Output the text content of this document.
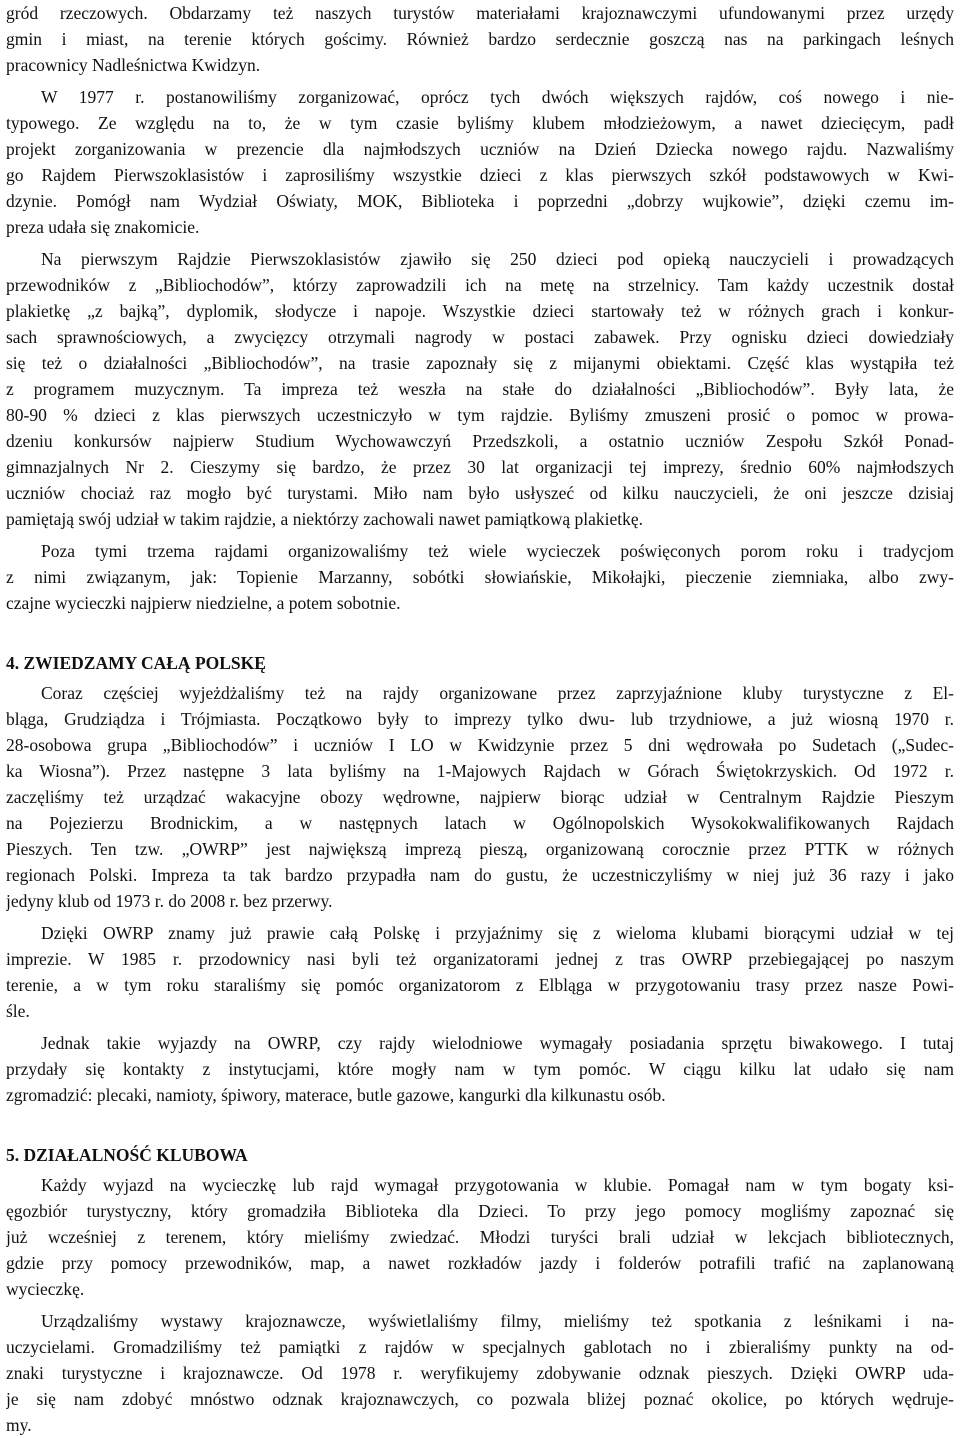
gród rzeczowych. Obdarzamy też naszych turystów materiałami krajoznawczymi ufundowanymi przez urzędy
gmin i miast, na terenie których gościmy. Również bardzo serdecznie goszczą nas na parkingach leśnych
pracownicy Nadleśnictwa Kwidzyn.
W 1977 r. postanowiliśmy zorganizować, oprócz tych dwóch większych rajdów, coś nowego i nie-
typowego. Ze względu na to, że w tym czasie byliśmy klubem młodzieżowym, a nawet dziecięcym, padł
projekt zorganizowania w prezencie dla najmłodszych uczniów na Dzień Dziecka nowego rajdu. Nazwaliśmy
go Rajdem Pierwszoklasistów i zaprosiliśmy wszystkie dzieci z klas pierwszych szkół podstawowych w Kwi-
dzynie. Pomógł nam Wydział Oświaty, MOK, Biblioteka i poprzedni „dobrzy wujkowie”, dzięki czemu im-
preza udała się znakomicie.
Na pierwszym Rajdzie Pierwszoklasistów zjawiło się 250 dzieci pod opieką nauczycieli i prowadzących
przewodników z „Bibliochodów”, którzy zaprowadzili ich na metę na strzelnicy. Tam każdy uczestnik dostał
plakietkę „z bajką”, dyplomik, słodycze i napoje. Wszystkie dzieci startowały też w różnych grach i konkur-
sach sprawnościowych, a zwycięzcy otrzymali nagrody w postaci zabawek. Przy ognisku dzieci dowiedziały
się też o działalności „Bibliochodów”, na trasie zapoznały się z mijanymi obiektami. Część klas wystąpiła też
z programem muzycznym. Ta impreza też weszła na stałe do działalności „Bibliochodów”. Były lata, że
80-90 % dzieci z klas pierwszych uczestniczyło w tym rajdzie. Byliśmy zmuszeni prosić o pomoc w prowa-
dzeniu konkursów najpierw Studium Wychowawczyń Przedszkoli, a ostatnio uczniów Zespołu Szkół Ponad-
gimnazjalnych Nr 2. Cieszymy się bardzo, że przez 30 lat organizacji tej imprezy, średnio 60% najmłodszych
uczniów chociaż raz mogło być turystami. Miło nam było usłyszeć od kilku nauczycieli, że oni jeszcze dzisiaj
pamiętają swój udział w takim rajdzie, a niektórzy zachowali nawet pamiątkową plakietkę.
Poza tymi trzema rajdami organizowaliśmy też wiele wycieczek poświęconych porom roku i tradycjom
z nimi związanym, jak: Topienie Marzanny, sobótki słowiańskie, Mikołajki, pieczenie ziemniaka, albo zwy-
czajne wycieczki najpierw niedzielne, a potem sobotnie.
4. ZWIEDZAMY CAŁĄ POLSKĘ
Coraz częściej wyjeżdżaliśmy też na rajdy organizowane przez zaprzyjaźnione kluby turystyczne z El-
bląga, Grudziądza i Trójmiasta. Początkowo były to imprezy tylko dwu- lub trzydniowe, a już wiosną 1970 r.
28-osobowa grupa „Bibliochodów” i uczniów I LO w Kwidzynie przez 5 dni wędrowała po Sudetach („Sudec-
ka Wiosna”). Przez następne 3 lata byliśmy na 1-Majowych Rajdach w Górach Świętokrzyskich. Od 1972 r.
zaczęliśmy też urządzać wakacyjne obozy wędrowne, najpierw biorąc udział w Centralnym Rajdzie Pieszym
na Pojezierzu Brodnickim, a w następnych latach w Ogólnopolskich Wysokokwalifikowanych Rajdach
Pieszych. Ten tzw. „OWRP” jest największą imprezą pieszą, organizowaną corocznie przez PTTK w różnych
regionach Polski. Impreza ta tak bardzo przypadła nam do gustu, że uczestniczyliśmy w niej już 36 razy i jako
jedyny klub od 1973 r. do 2008 r. bez przerwy.
Dzięki OWRP znamy już prawie całą Polskę i przyjaźnimy się z wieloma klubami biorącymi udział w tej
imprezie. W 1985 r. przodownicy nasi byli też organizatorami jednej z tras OWRP przebiegającej po naszym
terenie, a w tym roku staraliśmy się pomóc organizatorom z Elbląga w przygotowaniu trasy przez nasze Powi-
śle.
Jednak takie wyjazdy na OWRP, czy rajdy wielodniowe wymagały posiadania sprzętu biwakowego. I tutaj
przydały się kontakty z instytucjami, które mogły nam w tym pomóc. W ciągu kilku lat udało się nam
zgromadzić: plecaki, namioty, śpiwory, materace, butle gazowe, kangurki dla kilkunastu osób.
5. DZIAŁALNOŚĆ KLUBOWA
Każdy wyjazd na wycieczkę lub rajd wymagał przygotowania w klubie. Pomagał nam w tym bogaty ksi-
ęgozbiór turystyczny, który gromadziła Biblioteka dla Dzieci. To przy jego pomocy mogliśmy zapoznać się
już wcześniej z terenem, który mieliśmy zwiedzać. Młodzi turyści brali udział w lekcjach bibliotecznych,
gdzie przy pomocy przewodników, map, a nawet rozkładów jazdy i folderów potrafili trafić na zaplanowaną
wycieczkę.
Urządzaliśmy wystawy krajoznawcze, wyświetlaliśmy filmy, mieliśmy też spotkania z leśnikami i na-
uczycielami. Gromadziliśmy też pamiątki z rajdów w specjalnych gablotach no i zbieraliśmy punkty na od-
znaki turystyczne i krajoznawcze. Od 1978 r. weryfikujemy zdobywanie odznak pieszych. Dzięki OWRP uda-
je się nam zdobyć mnóstwo odznak krajoznawczych, co pozwala bliżej poznać okolice, po których wędruje-
my.
